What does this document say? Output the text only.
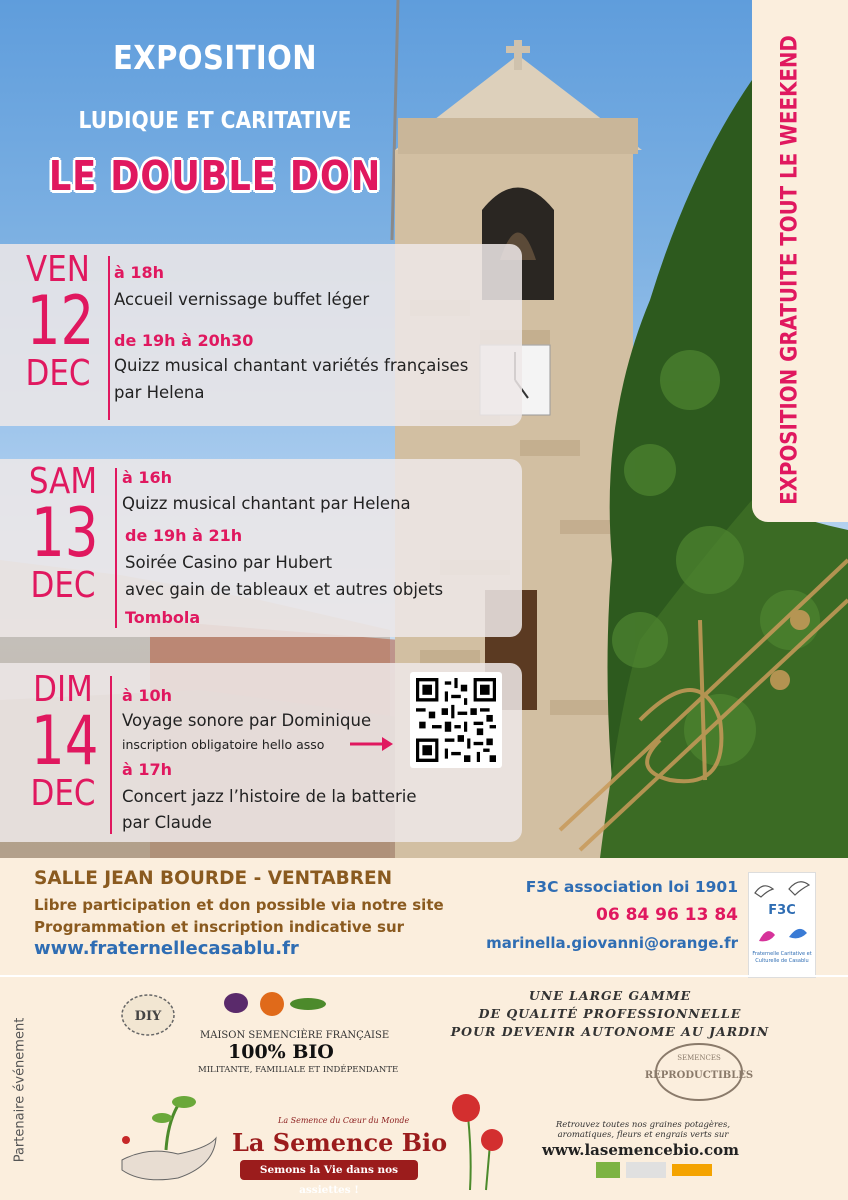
EXPOSITION GRATUITE TOUT LE WEEKEND
EXPOSITION
LUDIQUE ET CARITATIVE
LE DOUBLE DON
VEN
12
DEC
à 18h
Accueil vernissage buffet léger
de 19h à 20h30
Quizz musical chantant variétés françaises
par Helena
SAM
13
DEC
à 16h
Quizz musical chantant par Helena
de 19h à 21h
Soirée Casino par Hubert
avec gain de tableaux et autres objets
Tombola
DIM
14
DEC
à 10h
Voyage sonore par Dominique
inscription obligatoire hello asso
à 17h
Concert jazz l’histoire de la batterie
par Claude
SALLE JEAN BOURDE - VENTABREN
Libre participation et don possible via notre site
Programmation et inscription indicative sur
www.fraternellecasablu.fr
F3C association loi 1901
06 84 96 13 84
marinella.giovanni@orange.fr
F3C
Fraternelle Caritative et
Culturelle de Casablu
Partenaire événement
DIY
MAISON SEMENCIÈRE FRANÇAISE
100% BIO
MILITANTE, FAMILIALE ET INDÉPENDANTE
UNE LARGE GAMME
DE QUALITÉ PROFESSIONNELLE
POUR DEVENIR AUTONOME AU JARDIN
SEMENCES
REPRODUCTIBLES
La Semence du Cœur du Monde
La Semence Bio
Semons la Vie dans nos assiettes !
Retrouvez toutes nos graines potagères, aromatiques, fleurs et engrais verts sur
www.lasemencebio.com
